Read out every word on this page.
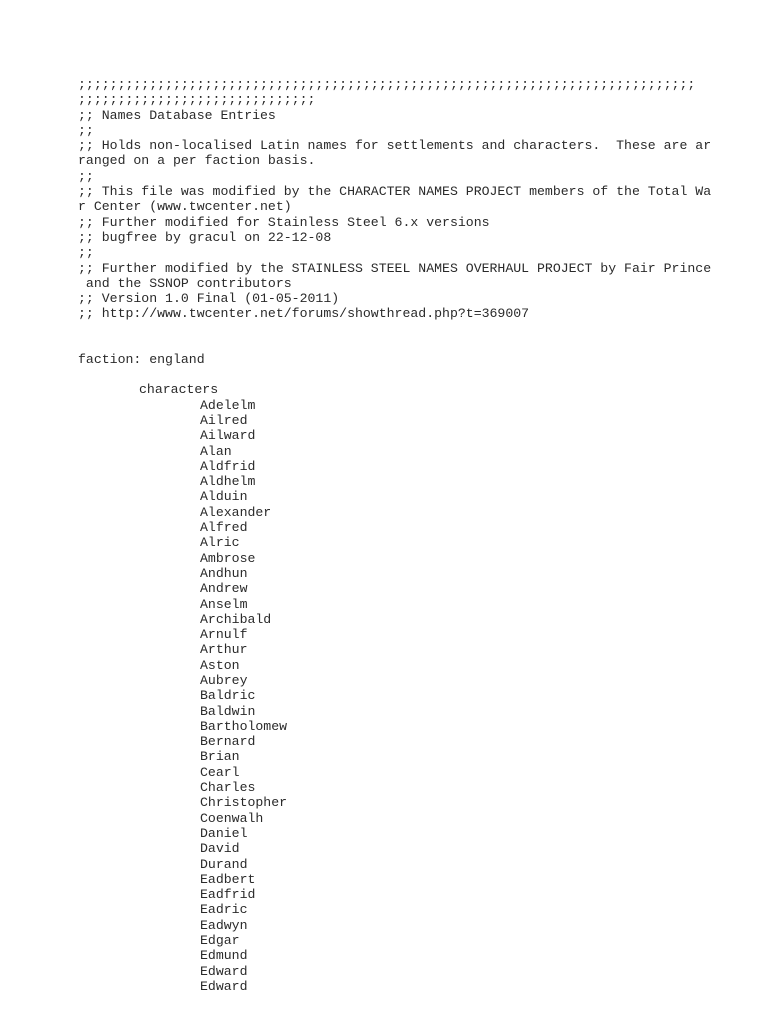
;;;;;;;;;;;;;;;;;;;;;;;;;;;;;;;;;;;;;;;;;;;;;;;;;;;;;;;;;;;;;;;;;;;;;;;;;;;;;;
;;;;;;;;;;;;;;;;;;;;;;;;;;;;;;
;; Names Database Entries
;;
;; Holds non-localised Latin names for settlements and characters.  These are ar
ranged on a per faction basis.
;;
;; This file was modified by the CHARACTER NAMES PROJECT members of the Total Wa
r Center (www.twcenter.net)
;; Further modified for Stainless Steel 6.x versions
;; bugfree by gracul on 22-12-08
;;
;; Further modified by the STAINLESS STEEL NAMES OVERHAUL PROJECT by Fair Prince
and the SSNOP contributors
;; Version 1.0 Final (01-05-2011)
;; http://www.twcenter.net/forums/showthread.php?t=369007
faction: england
characters
Adelelm
Ailred
Ailward
Alan
Aldfrid
Aldhelm
Alduin
Alexander
Alfred
Alric
Ambrose
Andhun
Andrew
Anselm
Archibald
Arnulf
Arthur
Aston
Aubrey
Baldric
Baldwin
Bartholomew
Bernard
Brian
Cearl
Charles
Christopher
Coenwalh
Daniel
David
Durand
Eadbert
Eadfrid
Eadric
Eadwyn
Edgar
Edmund
Edward
Edward
